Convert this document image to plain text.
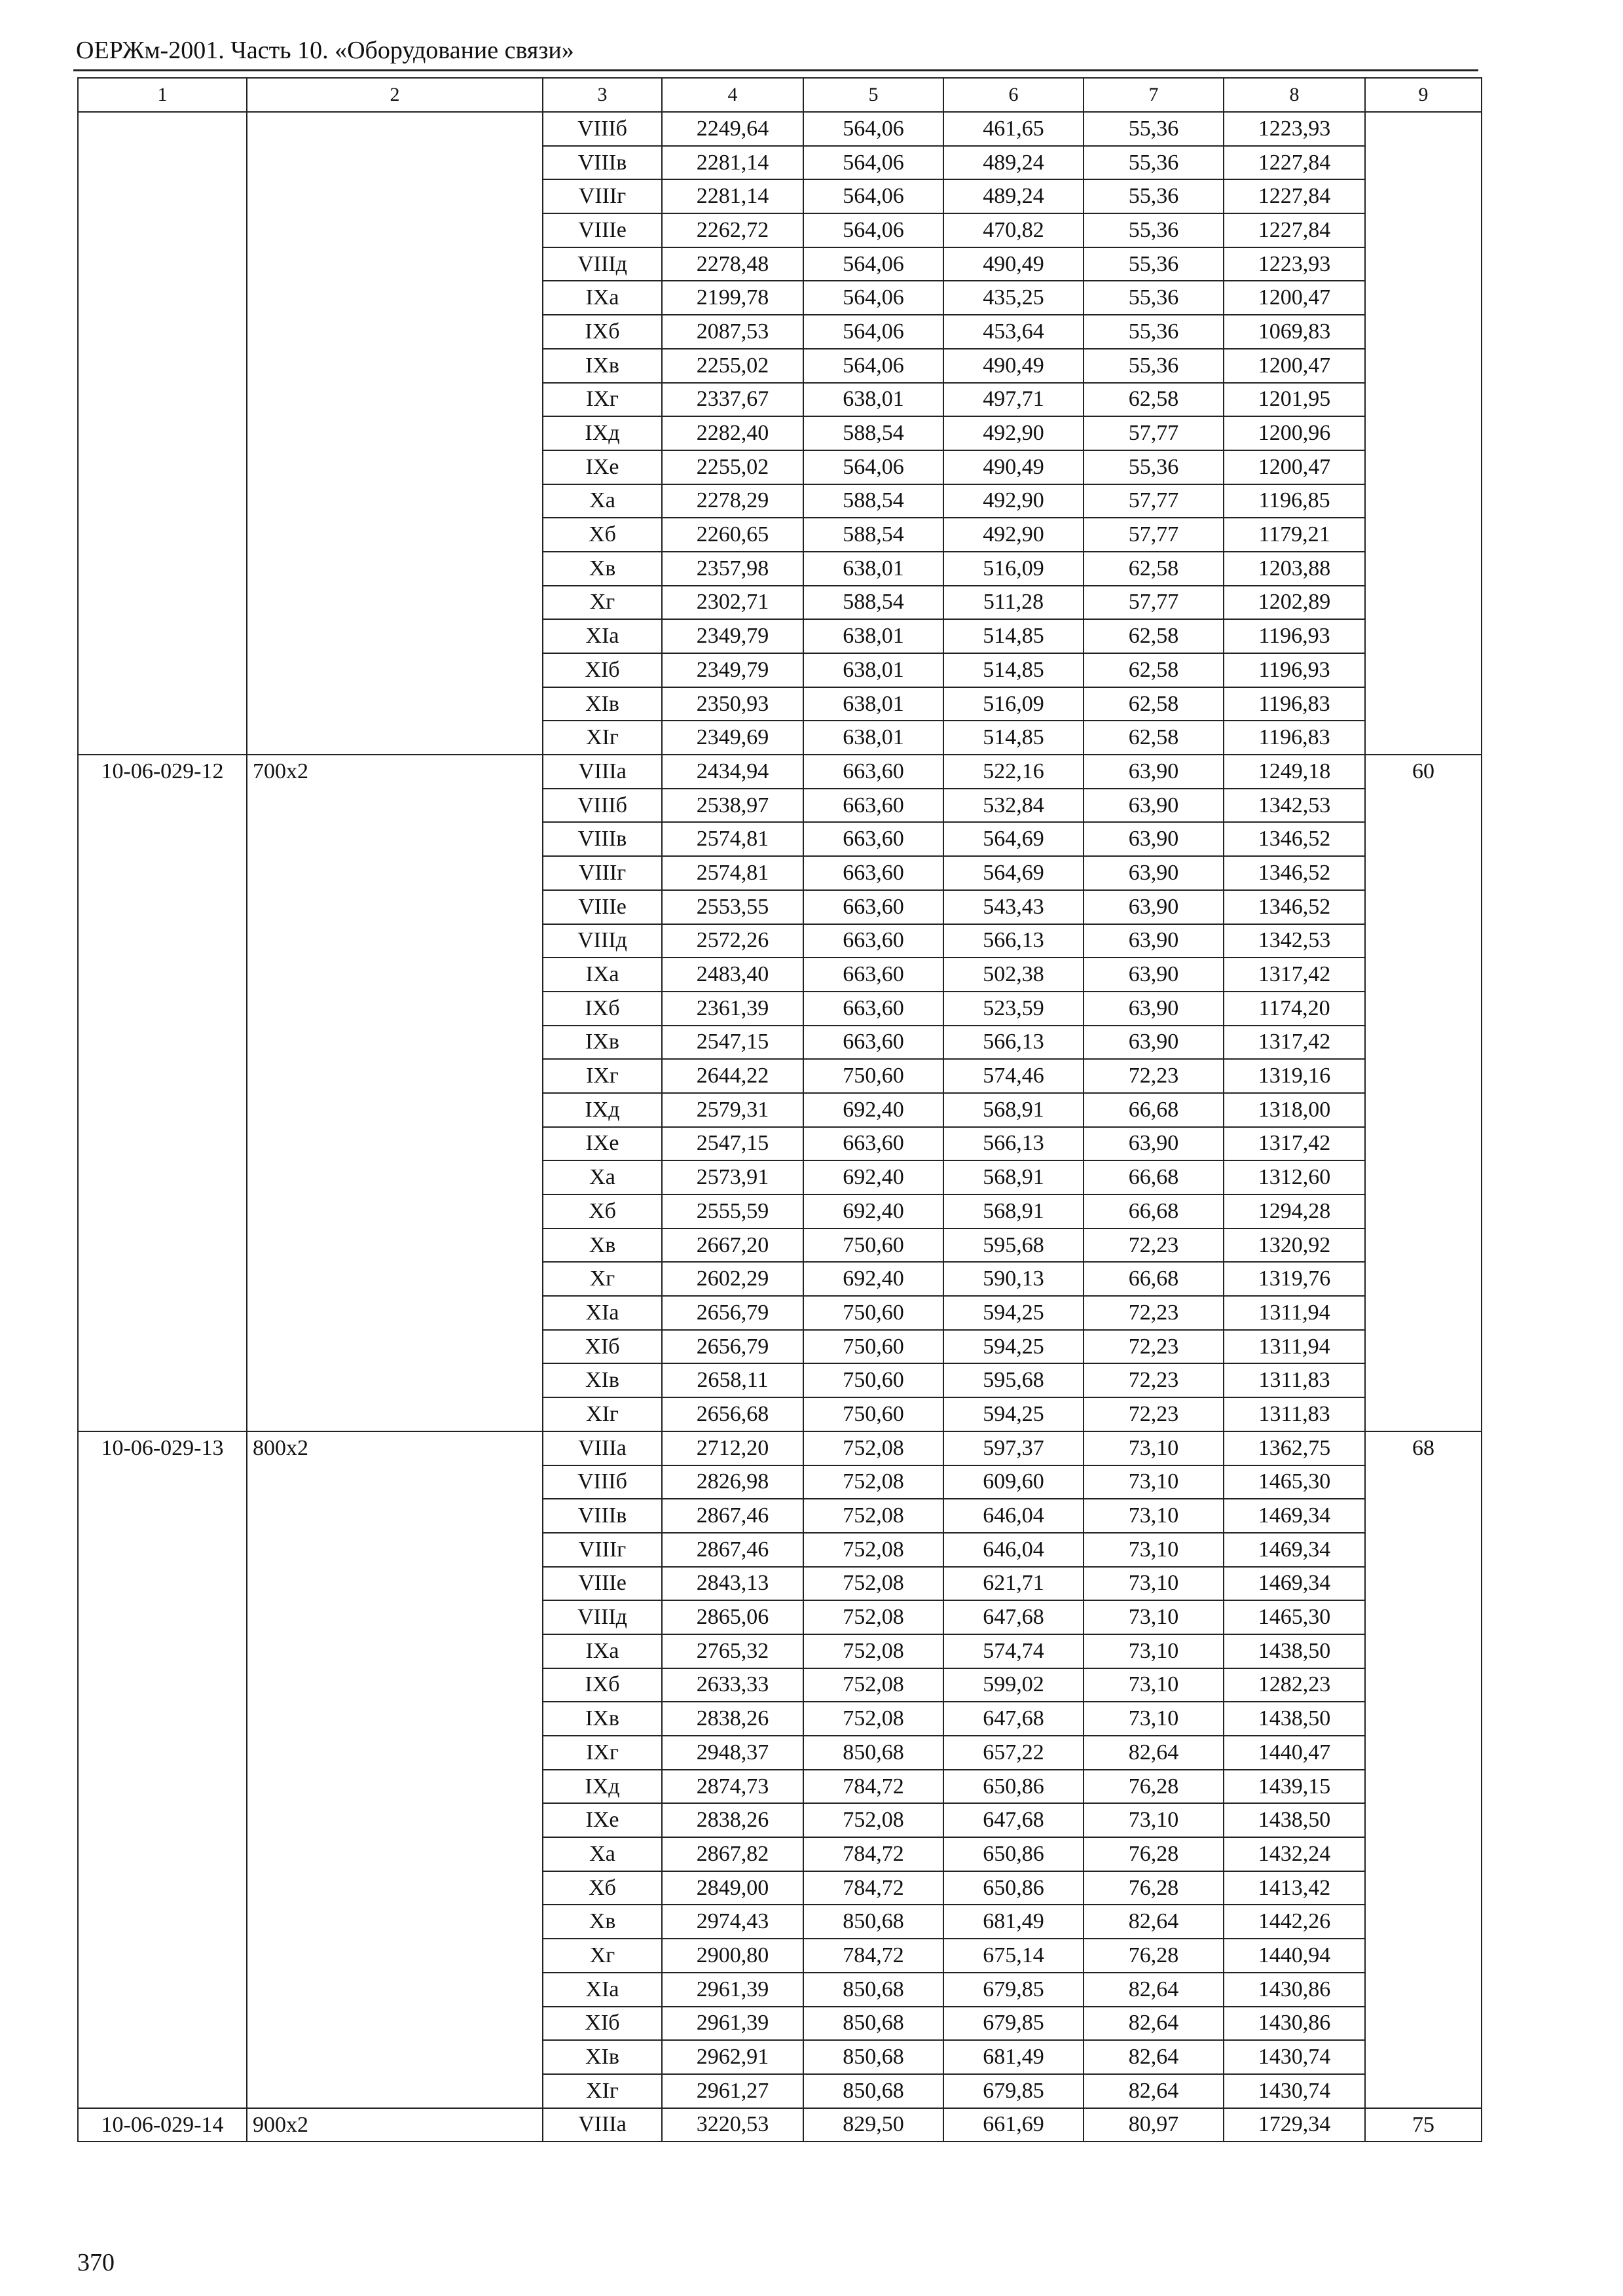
ОЕРЖм-2001. Часть 10. «Оборудование связи»
1	2	3	4	5	6	7	8	9
		VIIIб	2249,64	564,06	461,65	55,36	1223,93	
		VIIIв	2281,14	564,06	489,24	55,36	1227,84	
		VIIIг	2281,14	564,06	489,24	55,36	1227,84	
		VIIIе	2262,72	564,06	470,82	55,36	1227,84	
		VIIIд	2278,48	564,06	490,49	55,36	1223,93	
		IXа	2199,78	564,06	435,25	55,36	1200,47	
		IXб	2087,53	564,06	453,64	55,36	1069,83	
		IXв	2255,02	564,06	490,49	55,36	1200,47	
		IXг	2337,67	638,01	497,71	62,58	1201,95	
		IXд	2282,40	588,54	492,90	57,77	1200,96	
		IXе	2255,02	564,06	490,49	55,36	1200,47	
		Xа	2278,29	588,54	492,90	57,77	1196,85	
		Xб	2260,65	588,54	492,90	57,77	1179,21	
		Xв	2357,98	638,01	516,09	62,58	1203,88	
		Xг	2302,71	588,54	511,28	57,77	1202,89	
		XIа	2349,79	638,01	514,85	62,58	1196,93	
		XIб	2349,79	638,01	514,85	62,58	1196,93	
		XIв	2350,93	638,01	516,09	62,58	1196,83	
		XIг	2349,69	638,01	514,85	62,58	1196,83	
10-06-029-12	700x2	VIIIа	2434,94	663,60	522,16	63,90	1249,18	60
		VIIIб	2538,97	663,60	532,84	63,90	1342,53	
		VIIIв	2574,81	663,60	564,69	63,90	1346,52	
		VIIIг	2574,81	663,60	564,69	63,90	1346,52	
		VIIIе	2553,55	663,60	543,43	63,90	1346,52	
		VIIIд	2572,26	663,60	566,13	63,90	1342,53	
		IXа	2483,40	663,60	502,38	63,90	1317,42	
		IXб	2361,39	663,60	523,59	63,90	1174,20	
		IXв	2547,15	663,60	566,13	63,90	1317,42	
		IXг	2644,22	750,60	574,46	72,23	1319,16	
		IXд	2579,31	692,40	568,91	66,68	1318,00	
		IXе	2547,15	663,60	566,13	63,90	1317,42	
		Xа	2573,91	692,40	568,91	66,68	1312,60	
		Xб	2555,59	692,40	568,91	66,68	1294,28	
		Xв	2667,20	750,60	595,68	72,23	1320,92	
		Xг	2602,29	692,40	590,13	66,68	1319,76	
		XIа	2656,79	750,60	594,25	72,23	1311,94	
		XIб	2656,79	750,60	594,25	72,23	1311,94	
		XIв	2658,11	750,60	595,68	72,23	1311,83	
		XIг	2656,68	750,60	594,25	72,23	1311,83	
10-06-029-13	800x2	VIIIа	2712,20	752,08	597,37	73,10	1362,75	68
		VIIIб	2826,98	752,08	609,60	73,10	1465,30	
		VIIIв	2867,46	752,08	646,04	73,10	1469,34	
		VIIIг	2867,46	752,08	646,04	73,10	1469,34	
		VIIIе	2843,13	752,08	621,71	73,10	1469,34	
		VIIIд	2865,06	752,08	647,68	73,10	1465,30	
		IXа	2765,32	752,08	574,74	73,10	1438,50	
		IXб	2633,33	752,08	599,02	73,10	1282,23	
		IXв	2838,26	752,08	647,68	73,10	1438,50	
		IXг	2948,37	850,68	657,22	82,64	1440,47	
		IXд	2874,73	784,72	650,86	76,28	1439,15	
		IXе	2838,26	752,08	647,68	73,10	1438,50	
		Xа	2867,82	784,72	650,86	76,28	1432,24	
		Xб	2849,00	784,72	650,86	76,28	1413,42	
		Xв	2974,43	850,68	681,49	82,64	1442,26	
		Xг	2900,80	784,72	675,14	76,28	1440,94	
		XIа	2961,39	850,68	679,85	82,64	1430,86	
		XIб	2961,39	850,68	679,85	82,64	1430,86	
		XIв	2962,91	850,68	681,49	82,64	1430,74	
		XIг	2961,27	850,68	679,85	82,64	1430,74	
10-06-029-14	900x2	VIIIа	3220,53	829,50	661,69	80,97	1729,34	75
370
